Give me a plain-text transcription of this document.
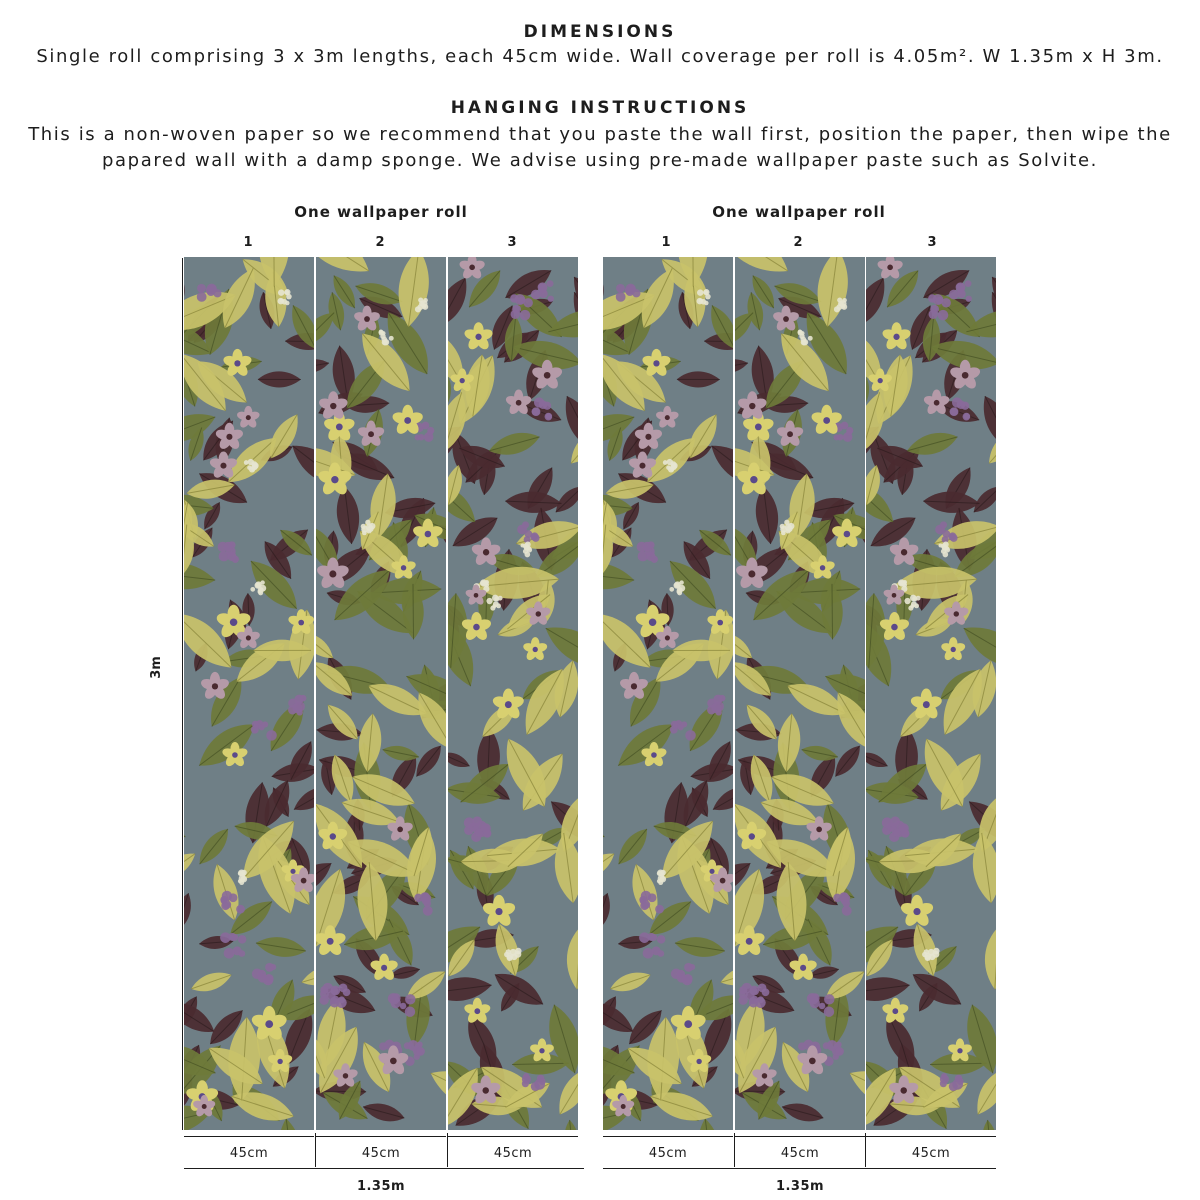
DIMENSIONS
Single roll comprising 3 x 3m lengths, each 45cm wide. Wall coverage per roll is 4.05m². W 1.35m x H 3m.
HANGING INSTRUCTIONS
This is a non-woven paper so we recommend that you paste the wall first, position the paper, then wipe the
papared wall with a damp sponge. We advise using pre-made wallpaper paste such as Solvite.
One wallpaper roll
1	2	3
One wallpaper roll
1	2	3
3m
45cm	45cm	45cm
1.35m
45cm	45cm	45cm
1.35m
